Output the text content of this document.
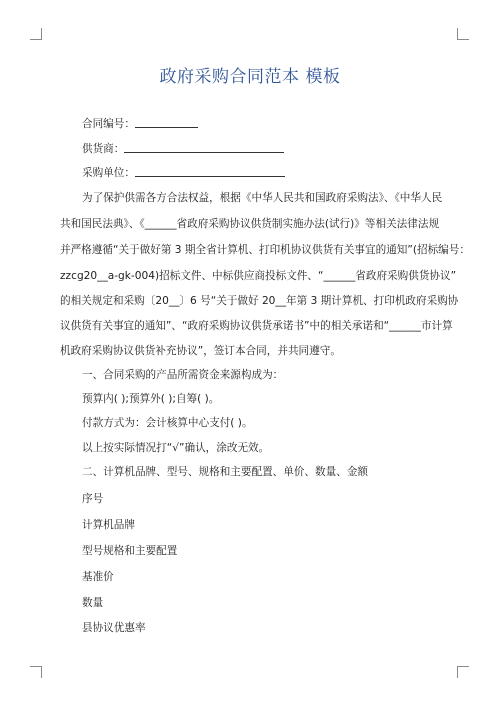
政府采购合同范本 模板
合同编号：
供货商：
采购单位：
为了保护供需各方合法权益，根据《中华人民共和国政府采购法》、《中华人民
共和国民法典》、《______省政府采购协议供货制实施办法(试行)》等相关法律法规
并严格遵循“关于做好第 3 期全省计算机、打印机协议供货有关事宜的通知”(招标编号：
zzcg20__a-gk-004)招标文件、中标供应商投标文件、“______省政府采购供货协议”
的相关规定和采购〔20__〕6 号“关于做好 20__年第 3 期计算机、打印机政府采购协
议供货有关事宜的通知”、“政府采购协议供货承诺书”中的相关承诺和“______市计算
机政府采购协议供货补充协议”，签订本合同，并共同遵守。
一、合同采购的产品所需资金来源构成为：
预算内( );预算外( );自筹( )。
付款方式为：会计核算中心支付( )。
以上按实际情况打“√”确认，涂改无效。
二、计算机品牌、型号、规格和主要配置、单价、数量、金额
序号
计算机品牌
型号规格和主要配置
基准价
数量
县协议优惠率
